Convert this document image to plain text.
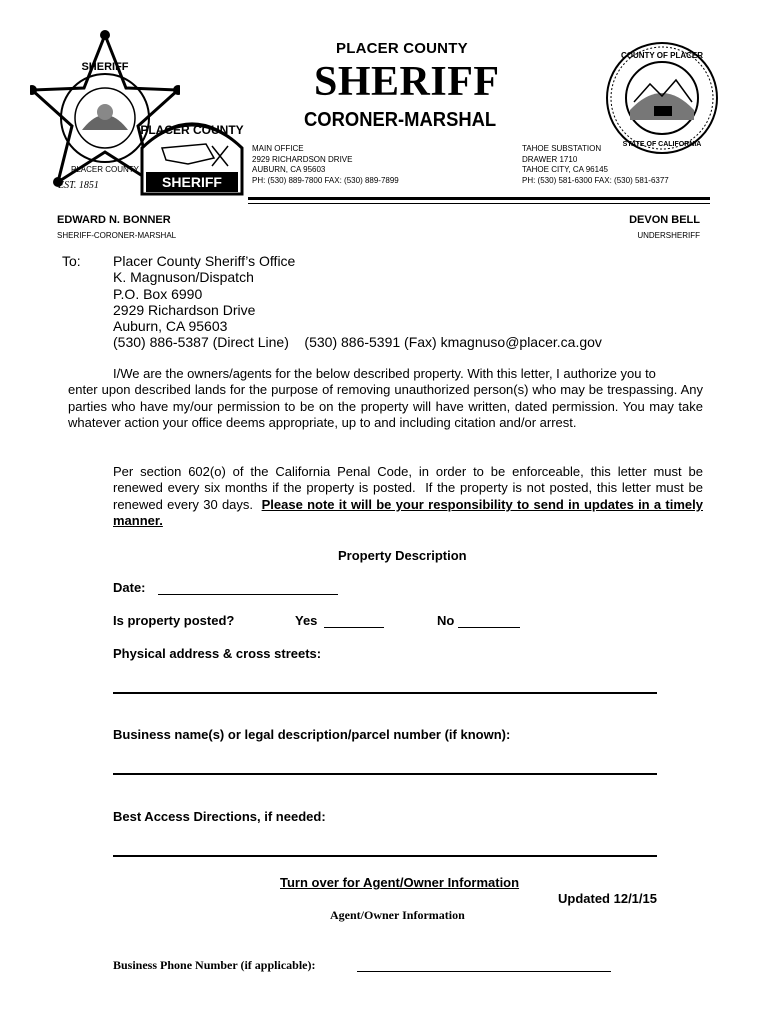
SHERIFF
PLACER COUNTY
EST. 1851
PLACER COUNTY
SHERIFF
COUNTY OF PLACER
STATE OF CALIFORNIA
PLACER COUNTY
SHERIFF
CORONER-MARSHAL
MAIN OFFICE
2929 RICHARDSON DRIVE
AUBURN, CA 95603
PH: (530) 889-7800 FAX: (530) 889-7899
TAHOE SUBSTATION
DRAWER 1710
TAHOE CITY, CA 96145
PH: (530) 581-6300 FAX: (530) 581-6377
EDWARD N. BONNER
SHERIFF-CORONER-MARSHAL
DEVON BELL
UNDERSHERIFF
To: Placer County Sheriff’s Office
K. Magnuson/Dispatch
P.O. Box 6990
2929 Richardson Drive
Auburn, CA 95603
(530) 886-5387 (Direct Line)    (530) 886-5391 (Fax) kmagnuso@placer.ca.gov
I/We are the owners/agents for the below described property. With this letter, I authorize you to
enter upon described lands for the purpose of removing unauthorized person(s) who may be trespassing. Any parties who have my/our permission to be on the property will have written, dated permission. You may take whatever action your office deems appropriate, up to and including citation and/or arrest.
Per section 602(o) of the California Penal Code, in order to be enforceable, this letter must be renewed every six months if the property is posted.  If the property is not posted, this letter must be renewed every 30 days.  Please note it will be your responsibility to send in updates in a timely manner.
Property Description
Date:
Is property posted?	Yes	No
Physical address & cross streets:
Business name(s) or legal description/parcel number (if known):
Best Access Directions, if needed:
Turn over for Agent/Owner Information
Updated 12/1/15
Agent/Owner Information
Business Phone Number (if applicable):
